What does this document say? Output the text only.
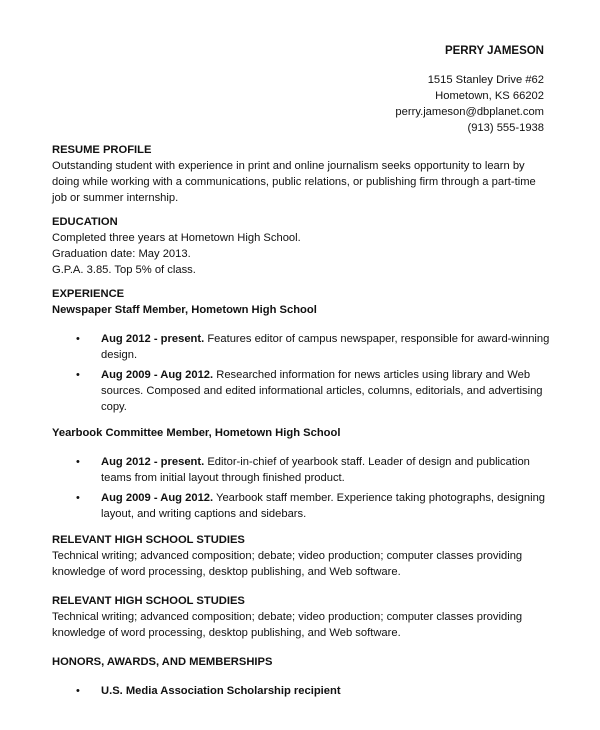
PERRY JAMESON
1515 Stanley Drive #62
Hometown, KS 66202
perry.jameson@dbplanet.com
(913) 555-1938
RESUME PROFILE
Outstanding student with experience in print and online journalism seeks opportunity to learn by doing while working with a communications, public relations, or publishing firm through a part-time job or summer internship.
EDUCATION
Completed three years at Hometown High School.
Graduation date: May 2013.
G.P.A. 3.85. Top 5% of class.
EXPERIENCE
Newspaper Staff Member, Hometown High School
• Aug 2012 - present. Features editor of campus newspaper, responsible for award-winning design.
• Aug 2009 - Aug 2012. Researched information for news articles using library and Web sources. Composed and edited informational articles, columns, editorials, and advertising copy.
Yearbook Committee Member, Hometown High School
• Aug 2012 - present. Editor-in-chief of yearbook staff. Leader of design and publication teams from initial layout through finished product.
• Aug 2009 - Aug 2012. Yearbook staff member. Experience taking photographs, designing layout, and writing captions and sidebars.
RELEVANT HIGH SCHOOL STUDIES
Technical writing; advanced composition; debate; video production; computer classes providing knowledge of word processing, desktop publishing, and Web software.
RELEVANT HIGH SCHOOL STUDIES
Technical writing; advanced composition; debate; video production; computer classes providing knowledge of word processing, desktop publishing, and Web software.
HONORS, AWARDS, AND MEMBERSHIPS
• U.S. Media Association Scholarship recipient
